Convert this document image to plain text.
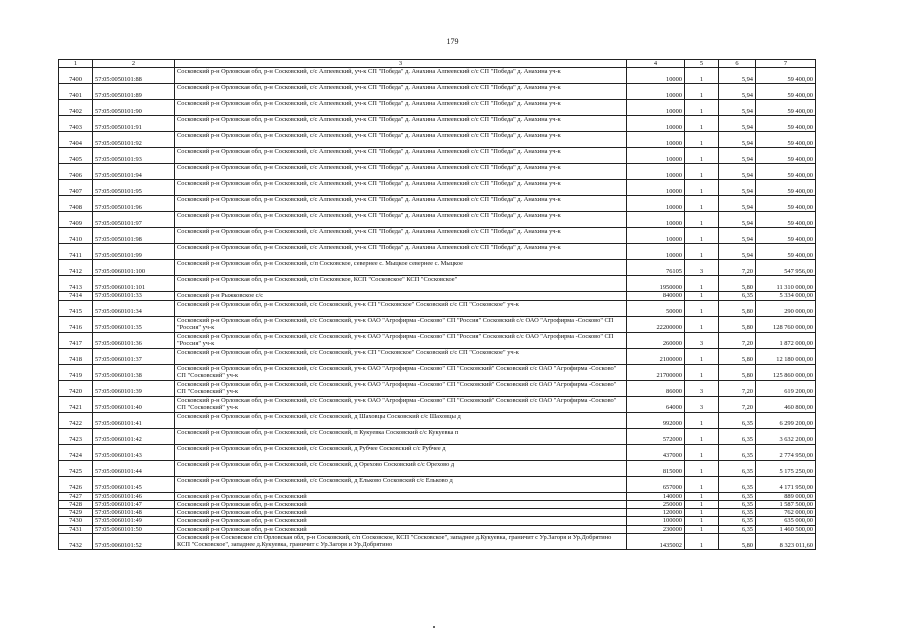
179
1	2	3	4	5	6	7
7400	57:05:0050101:88	Сосковский р-н Орловская обл, р-н Сосковский, с/с Алпеевский, уч-к СП "Победа" д. Анахина Алпеевский с/с СП "Победа" д. Анахина уч-к	10000	1	5,94	59 400,00
7401	57:05:0050101:89	Сосковский р-н Орловская обл, р-н Сосковский, с/с Алпеевский, уч-к СП "Победа" д. Анахина Алпеевский с/с СП "Победа" д. Анахина уч-к	10000	1	5,94	59 400,00
7402	57:05:0050101:90	Сосковский р-н Орловская обл, р-н Сосковский, с/с Алпеевский, уч-к СП "Победа" д. Анахина Алпеевский с/с СП "Победа" д. Анахина уч-к	10000	1	5,94	59 400,00
7403	57:05:0050101:91	Сосковский р-н Орловская обл, р-н Сосковский, с/с Алпеевский, уч-к СП "Победа" д. Анахина Алпеевский с/с СП "Победа" д. Анахина уч-к	10000	1	5,94	59 400,00
7404	57:05:0050101:92	Сосковский р-н Орловская обл, р-н Сосковский, с/с Алпеевский, уч-к СП "Победа" д. Анахина Алпеевский с/с СП "Победа" д. Анахина уч-к	10000	1	5,94	59 400,00
7405	57:05:0050101:93	Сосковский р-н Орловская обл, р-н Сосковский, с/с Алпеевский, уч-к СП "Победа" д. Анахина Алпеевский с/с СП "Победа" д. Анахина уч-к	10000	1	5,94	59 400,00
7406	57:05:0050101:94	Сосковский р-н Орловская обл, р-н Сосковский, с/с Алпеевский, уч-к СП "Победа" д. Анахина Алпеевский с/с СП "Победа" д. Анахина уч-к	10000	1	5,94	59 400,00
7407	57:05:0050101:95	Сосковский р-н Орловская обл, р-н Сосковский, с/с Алпеевский, уч-к СП "Победа" д. Анахина Алпеевский с/с СП "Победа" д. Анахина уч-к	10000	1	5,94	59 400,00
7408	57:05:0050101:96	Сосковский р-н Орловская обл, р-н Сосковский, с/с Алпеевский, уч-к СП "Победа" д. Анахина Алпеевский с/с СП "Победа" д. Анахина уч-к	10000	1	5,94	59 400,00
7409	57:05:0050101:97	Сосковский р-н Орловская обл, р-н Сосковский, с/с Алпеевский, уч-к СП "Победа" д. Анахина Алпеевский с/с СП "Победа" д. Анахина уч-к	10000	1	5,94	59 400,00
7410	57:05:0050101:98	Сосковский р-н Орловская обл, р-н Сосковский, с/с Алпеевский, уч-к СП "Победа" д. Анахина Алпеевский с/с СП "Победа" д. Анахина уч-к	10000	1	5,94	59 400,00
7411	57:05:0050101:99	Сосковский р-н Орловская обл, р-н Сосковский, с/с Алпеевский, уч-к СП "Победа" д. Анахина Алпеевский с/с СП "Победа" д. Анахина уч-к	10000	1	5,94	59 400,00
7412	57:05:0060101:100	Сосковский р-н Орловская обл, р-н Сосковский, с/п Сосковское, севернее с. Мыцкое севернее с. Мыцкое	76105	3	7,20	547 956,00
7413	57:05:0060101:101	Сосковский р-н Орловская обл, р-н Сосковский, с/п Сосковское, КСП "Сосковское" КСП "Сосковское"	1950000	1	5,80	11 310 000,00
7414	57:05:0060101:33	Сосковский р-н Рыжковское с/с	840000	1	6,35	5 334 000,00
7415	57:05:0060101:34	Сосковский р-н Орловская обл, р-н Сосковский, с/с Сосковский, уч-к СП "Сосковское" Сосковский с/с СП "Сосковское" уч-к	50000	1	5,80	290 000,00
7416	57:05:0060101:35	Сосковский р-н Орловская обл, р-н Сосковский, с/с Сосковский, уч-к ОАО "Агрофирма -Сосково" СП "Россия" Сосковский с/с ОАО "Агрофирма -Сосково" СП "Россия" уч-к	22200000	1	5,80	128 760 000,00
7417	57:05:0060101:36	Сосковский р-н Орловская обл, р-н Сосковский, с/с Сосковский, уч-к ОАО "Агрофирма -Сосково" СП "Россия" Сосковский с/с ОАО "Агрофирма -Сосково" СП "Россия" уч-к	260000	3	7,20	1 872 000,00
7418	57:05:0060101:37	Сосковский р-н Орловская обл, р-н Сосковский, с/с Сосковский, уч-к СП "Сосковское" Сосковский с/с СП "Сосковское" уч-к	2100000	1	5,80	12 180 000,00
7419	57:05:0060101:38	Сосковский р-н Орловская обл, р-н Сосковский, с/с Сосковский, уч-к ОАО "Агрофирма -Сосково" СП "Сосковский" Сосковский с/с ОАО "Агрофирма -Сосково" СП "Сосковский" уч-к	21700000	1	5,80	125 860 000,00
7420	57:05:0060101:39	Сосковский р-н Орловская обл, р-н Сосковский, с/с Сосковский, уч-к ОАО "Агрофирма -Сосково" СП "Сосковский" Сосковский с/с ОАО "Агрофирма -Сосково" СП "Сосковский" уч-к	86000	3	7,20	619 200,00
7421	57:05:0060101:40	Сосковский р-н Орловская обл, р-н Сосковский, с/с Сосковский, уч-к ОАО "Агрофирма -Сосково" СП "Сосковский" Сосковский с/с ОАО "Агрофирма -Сосково" СП "Сосковский" уч-к	64000	3	7,20	460 800,00
7422	57:05:0060101:41	Сосковский р-н Орловская обл, р-н Сосковский, с/с Сосковский, д Шаховцы Сосковский с/с Шаховцы д	992000	1	6,35	6 299 200,00
7423	57:05:0060101:42	Сосковский р-н Орловская обл, р-н Сосковский, с/с Сосковский, п Кукуевка Сосковский с/с Кукуевка п	572000	1	6,35	3 632 200,00
7424	57:05:0060101:43	Сосковский р-н Орловская обл, р-н Сосковский, с/с Сосковский, д Рубчее Сосковский с/с Рубчее д	437000	1	6,35	2 774 950,00
7425	57:05:0060101:44	Сосковский р-н Орловская обл, р-н Сосковский, с/с Сосковский, д Орехово Сосковский с/с Орехово д	815000	1	6,35	5 175 250,00
7426	57:05:0060101:45	Сосковский р-н Орловская обл, р-н Сосковский, с/с Сосковский, д Ельково Сосковский с/с Ельково д	657000	1	6,35	4 171 950,00
7427	57:05:0060101:46	Сосковский р-н Орловская обл, р-н Сосковский	140000	1	6,35	889 000,00
7428	57:05:0060101:47	Сосковский р-н Орловская обл, р-н Сосковский	250000	1	6,35	1 587 500,00
7429	57:05:0060101:48	Сосковский р-н Орловская обл, р-н Сосковский	120000	1	6,35	762 000,00
7430	57:05:0060101:49	Сосковский р-н Орловская обл, р-н Сосковский	100000	1	6,35	635 000,00
7431	57:05:0060101:50	Сосковский р-н Орловская обл, р-н Сосковский	230000	1	6,35	1 460 500,00
7432	57:05:0060101:52	Сосковский р-н Сосковское с/п Орловская обл, р-н Сосковский, с/п Сосковское, КСП "Сосковское", западнее д.Кукуевка, граничит с Ур.Загоря и Ур.Добрятино КСП "Сосковское", западнее д.Кукуевка, граничит с Ур.Загоря и Ур.Добрятино	1435002	1	5,80	8 323 011,60
